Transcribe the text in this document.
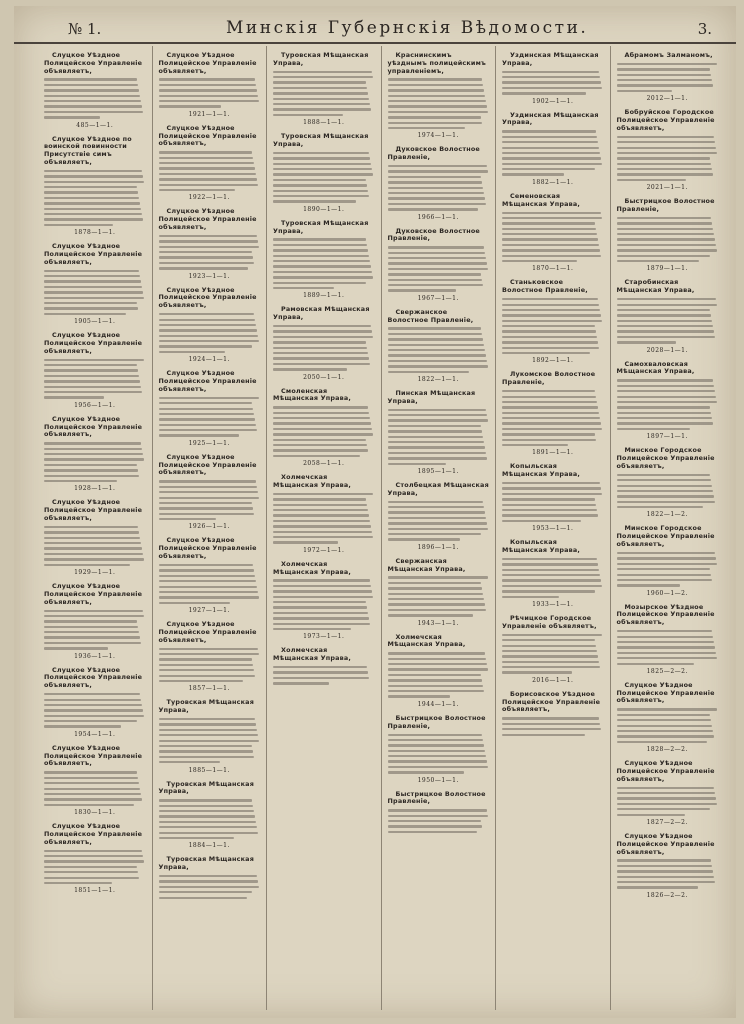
№ 1.	Минскія Губернскія Вѣдомости.	3.
Слуцкое Уѣздное Полицейское Управленіе объявляетъ,
485—1—1.
Слуцкое Уѣздное по воинской повинности Присутствіе симъ объявляетъ,
1878—1—1.
Слуцкое Уѣздное Полицейское Управленіе объявляетъ,
1905—1—1.
Слуцкое Уѣздное Полицейское Управленіе объявляетъ,
1956—1—1.
Слуцкое Уѣздное Полицейское Управленіе объявляетъ,
1928—1—1.
Слуцкое Уѣздное Полицейское Управленіе объявляетъ,
1929—1—1.
Слуцкое Уѣздное Полицейское Управленіе объявляетъ,
1936—1—1.
Слуцкое Уѣздное Полицейское Управленіе объявляетъ,
1954—1—1.
Слуцкое Уѣздное Полицейское Управленіе объявляетъ,
1830—1—1.
Слуцкое Уѣздное Полицейское Управленіе объявляетъ,
1851—1—1.
Слуцкое Уѣздное Полицейское Управленіе объявляетъ,
1921—1—1.
Слуцкое Уѣздное Полицейское Управленіе объявляетъ,
1922—1—1.
Слуцкое Уѣздное Полицейское Управленіе объявляетъ,
1923—1—1.
Слуцкое Уѣздное Полицейское Управленіе объявляетъ,
1924—1—1.
Слуцкое Уѣздное Полицейское Управленіе объявляетъ,
1925—1—1.
Слуцкое Уѣздное Полицейское Управленіе объявляетъ,
1926—1—1.
Слуцкое Уѣздное Полицейское Управленіе объявляетъ,
1927—1—1.
Слуцкое Уѣздное Полицейское Управленіе объявляетъ,
1857—1—1.
Туровская Мѣщанская Управа,
1885—1—1.
Туровская Мѣщанская Управа,
1884—1—1.
Туровская Мѣщанская Управа,
Туровская Мѣщанская Управа,
1888—1—1.
Туровская Мѣщанская Управа,
1890—1—1.
Туровская Мѣщанская Управа,
1889—1—1.
Рамовская Мѣщанская Управа,
2050—1—1.
Смоленская Мѣщанская Управа,
2058—1—1.
Холмечская Мѣщанская Управа,
1972—1—1.
Холмечская Мѣщанская Управа,
1973—1—1.
Холмечская Мѣщанская Управа,
Краснинскимъ уѣзднымъ полицейскимъ управленіемъ,
1974—1—1.
Дуковское Волостное Правленіе,
1966—1—1.
Дуковское Волостное Правленіе,
1967—1—1.
Свержанское Волостное Правленіе,
1822—1—1.
Пинская Мѣщанская Управа,
1895—1—1.
Столбецкая Мѣщанская Управа,
1896—1—1.
Свержанская Мѣщанская Управа,
1943—1—1.
Холмечская Мѣщанская Управа,
1944—1—1.
Быстрицкое Волостное Правленіе,
1950—1—1.
Быстрицкое Волостное Правленіе,
Уздинская Мѣщанская Управа,
1902—1—1.
Уздинская Мѣщанская Управа,
1882—1—1.
Семеновская Мѣщанская Управа,
1870—1—1.
Станьковское Волостное Правленіе,
1892—1—1.
Лукомское Волостное Правленіе,
1891—1—1.
Копыльская Мѣщанская Управа,
1953—1—1.
Копыльская Мѣщанская Управа,
1933—1—1.
Рѣчицкое Городское Управленіе объявляетъ,
2016—1—1.
Борисовское Уѣздное Полицейское Управленіе объявляетъ,
Абрамомъ Залманомъ,
2012—1—1.
Бобруйское Городское Полицейское Управленіе объявляетъ,
2021—1—1.
Быстрицкое Волостное Правленіе,
1879—1—1.
Старобинская Мѣщанская Управа,
2028—1—1.
Самохваловская Мѣщанская Управа,
1897—1—1.
Минское Городское Полицейское Управленіе объявляетъ,
1822—1—2.
Минское Городское Полицейское Управленіе объявляетъ,
1960—1—2.
Мозырское Уѣздное Полицейское Управленіе объявляетъ,
1825—2—2.
Слуцкое Уѣздное Полицейское Управленіе объявляетъ,
1828—2—2.
Слуцкое Уѣздное Полицейское Управленіе объявляетъ,
1827—2—2.
Слуцкое Уѣздное Полицейское Управленіе объявляетъ,
1826—2—2.
